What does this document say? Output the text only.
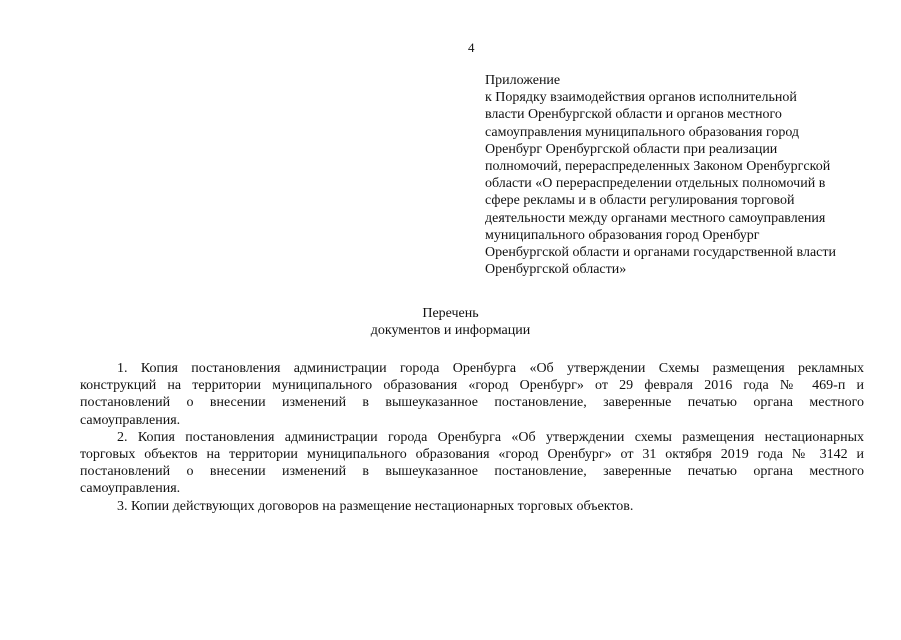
4
Приложение
к Порядку взаимодействия органов исполнительной
власти Оренбургской области и органов местного
самоуправления муниципального образования город
Оренбург Оренбургской области при реализации
полномочий, перераспределенных Законом Оренбургской
области «О перераспределении отдельных полномочий в
сфере рекламы и в области регулирования торговой
деятельности между органами местного самоуправления
муниципального образования город Оренбург
Оренбургской области и органами государственной власти
Оренбургской области»
Перечень
документов и информации
1. Копия постановления администрации города Оренбурга «Об утверждении Схемы размещения рекламных
конструкций на территории муниципального образования «город Оренбург» от 29 февраля 2016 года № 469-п и
постановлений о внесении изменений в вышеуказанное постановление, заверенные печатью органа местного
самоуправления.
2. Копия постановления администрации города Оренбурга «Об утверждении схемы размещения нестационарных
торговых объектов на территории муниципального образования «город Оренбург» от 31 октября 2019 года № 3142 и
постановлений о внесении изменений в вышеуказанное постановление, заверенные печатью органа местного
самоуправления.
3. Копии действующих договоров на размещение нестационарных торговых объектов.
